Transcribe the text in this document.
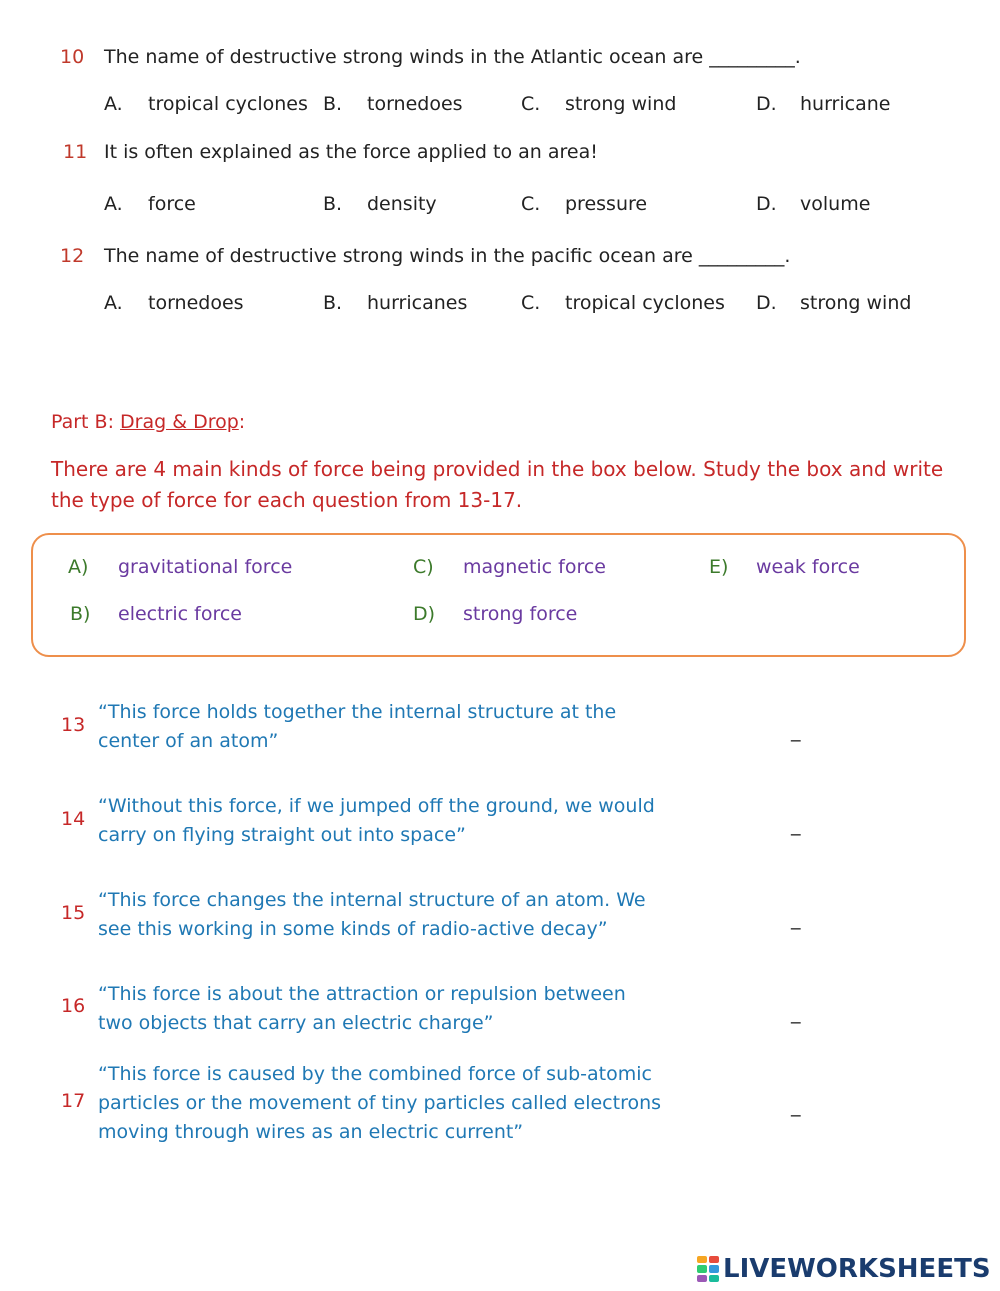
10 The name of destructive strong winds in the Atlantic ocean are _________.
A. tropical cyclones B. tornedoes	C. strong wind	D. hurricane
11 It is often explained as the force applied to an area!
A. force	B. density	C. pressure	D. volume
12 The name of destructive strong winds in the pacific ocean are _________.
A. tornedoes	B. hurricanes	C. tropical cyclones D. strong wind
Part B: Drag & Drop:
There are 4 main kinds of force being provided in the box below. Study the box and write the type of force for each question from 13-17.
A) gravitational force	C) magnetic force	E) weak force
B) electric force	D) strong force
13
“This force holds together the internal structure at the center of an atom”	_
14
“Without this force, if we jumped off the ground, we would carry on flying straight out into space”	_
15
“This force changes the internal structure of an atom. We see this working in some kinds of radio-active decay”	_
16
“This force is about the attraction or repulsion between two objects that carry an electric charge”	_
17
“This force is caused by the combined force of sub-atomic particles or the movement of tiny particles called electrons moving through wires as an electric current”
_
LIVEWORKSHEETS
